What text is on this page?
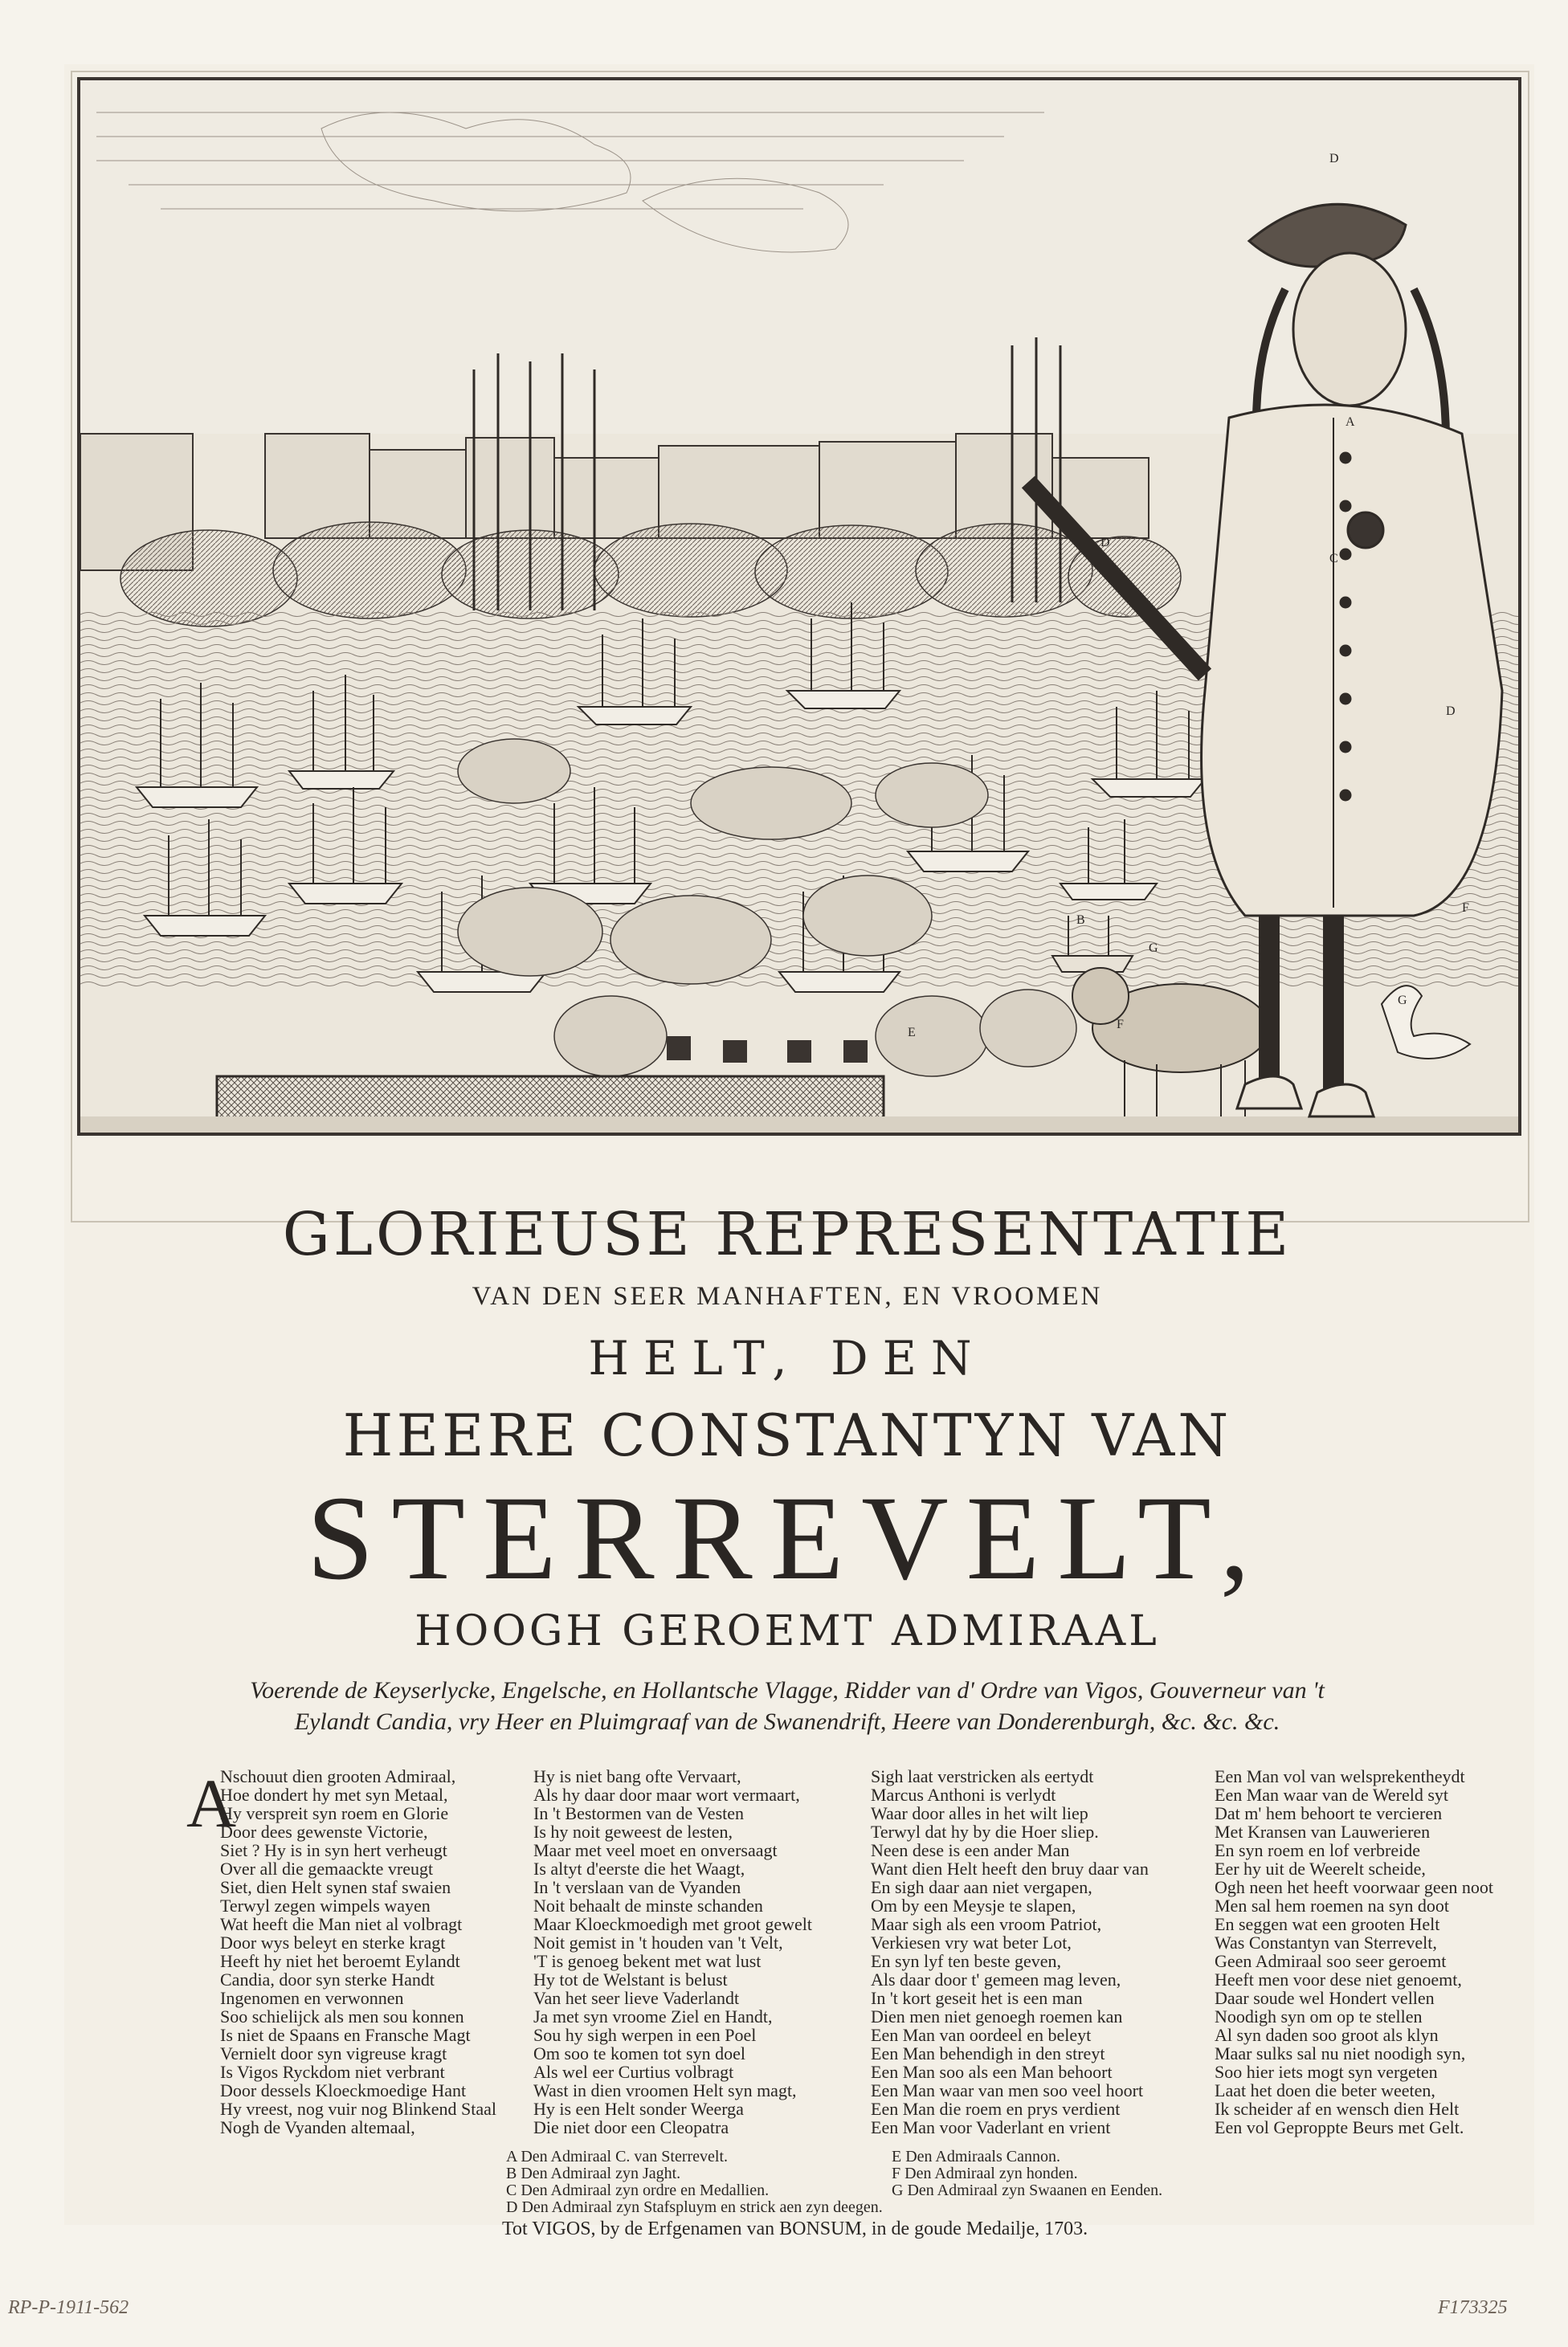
D
A
C
D
D
B
E
F
F
G
G
GLORIEUSE REPRESENTATIE
VAN DEN SEER MANHAFTEN, EN VROOMEN
HELT, DEN
HEERE CONSTANTYN VAN
STERREVELT,
HOOGH GEROEMT ADMIRAAL
Voerende de Keyserlycke, Engelsche, en Hollantsche Vlagge, Ridder van d' Ordre van Vigos, Gouverneur van 't
Eylandt Candia, vry Heer en Pluimgraaf van de Swanendrift, Heere van Donderenburgh, &c. &c. &c.
A
Nschouut dien grooten Admiraal,
Hoe dondert hy met syn Metaal,
Hy verspreit syn roem en Glorie
Door dees gewenste Victorie,
Siet ? Hy is in syn hert verheugt
Over all die gemaackte vreugt
Siet, dien Helt synen staf swaien
Terwyl zegen wimpels wayen
Wat heeft die Man niet al volbragt
Door wys beleyt en sterke kragt
Heeft hy niet het beroemt Eylandt
Candia, door syn sterke Handt
Ingenomen en verwonnen
Soo schielijck als men sou konnen
Is niet de Spaans en Fransche Magt
Vernielt door syn vigreuse kragt
Is Vigos Ryckdom niet verbrant
Door dessels Kloeckmoedige Hant
Hy vreest, nog vuir nog Blinkend Staal
Nogh de Vyanden altemaal,
Hy is niet bang ofte Vervaart,
Als hy daar door maar wort vermaart,
In 't Bestormen van de Vesten
Is hy noit geweest de lesten,
Maar met veel moet en onversaagt
Is altyt d'eerste die het Waagt,
In 't verslaan van de Vyanden
Noit behaalt de minste schanden
Maar Kloeckmoedigh met groot gewelt
Noit gemist in 't houden van 't Velt,
'T is genoeg bekent met wat lust
Hy tot de Welstant is belust
Van het seer lieve Vaderlandt
Ja met syn vroome Ziel en Handt,
Sou hy sigh werpen in een Poel
Om soo te komen tot syn doel
Als wel eer Curtius volbragt
Wast in dien vroomen Helt syn magt,
Hy is een Helt sonder Weerga
Die niet door een Cleopatra
Sigh laat verstricken als eertydt
Marcus Anthoni is verlydt
Waar door alles in het wilt liep
Terwyl dat hy by die Hoer sliep.
Neen dese is een ander Man
Want dien Helt heeft den bruy daar van
En sigh daar aan niet vergapen,
Om by een Meysje te slapen,
Maar sigh als een vroom Patriot,
Verkiesen vry wat beter Lot,
En syn lyf ten beste geven,
Als daar door t' gemeen mag leven,
In 't kort geseit het is een man
Dien men niet genoegh roemen kan
Een Man van oordeel en beleyt
Een Man behendigh in den streyt
Een Man soo als een Man behoort
Een Man waar van men soo veel hoort
Een Man die roem en prys verdient
Een Man voor Vaderlant en vrient
Een Man vol van welsprekentheydt
Een Man waar van de Wereld syt
Dat m' hem behoort te vercieren
Met Kransen van Lauwerieren
En syn roem en lof verbreide
Eer hy uit de Weerelt scheide,
Ogh neen het heeft voorwaar geen noot
Men sal hem roemen na syn doot
En seggen wat een grooten Helt
Was Constantyn van Sterrevelt,
Geen Admiraal soo seer geroemt
Heeft men voor dese niet genoemt,
Daar soude wel Hondert vellen
Noodigh syn om op te stellen
Al syn daden soo groot als klyn
Maar sulks sal nu niet noodigh syn,
Soo hier iets mogt syn vergeten
Laat het doen die beter weeten,
Ik scheider af en wensch dien Helt
Een vol Geproppte Beurs met Gelt.
A Den Admiraal C. van Sterrevelt.
B Den Admiraal zyn Jaght.
C Den Admiraal zyn ordre en Medallien.
D Den Admiraal zyn Stafspluym en strick aen zyn deegen.
E Den Admiraals Cannon.
F Den Admiraal zyn honden.
G Den Admiraal zyn Swaanen en Eenden.
Tot VIGOS, by de Erfgenamen van BONSUM, in de goude Medailje, 1703.
RP-P-1911-562	F173325
